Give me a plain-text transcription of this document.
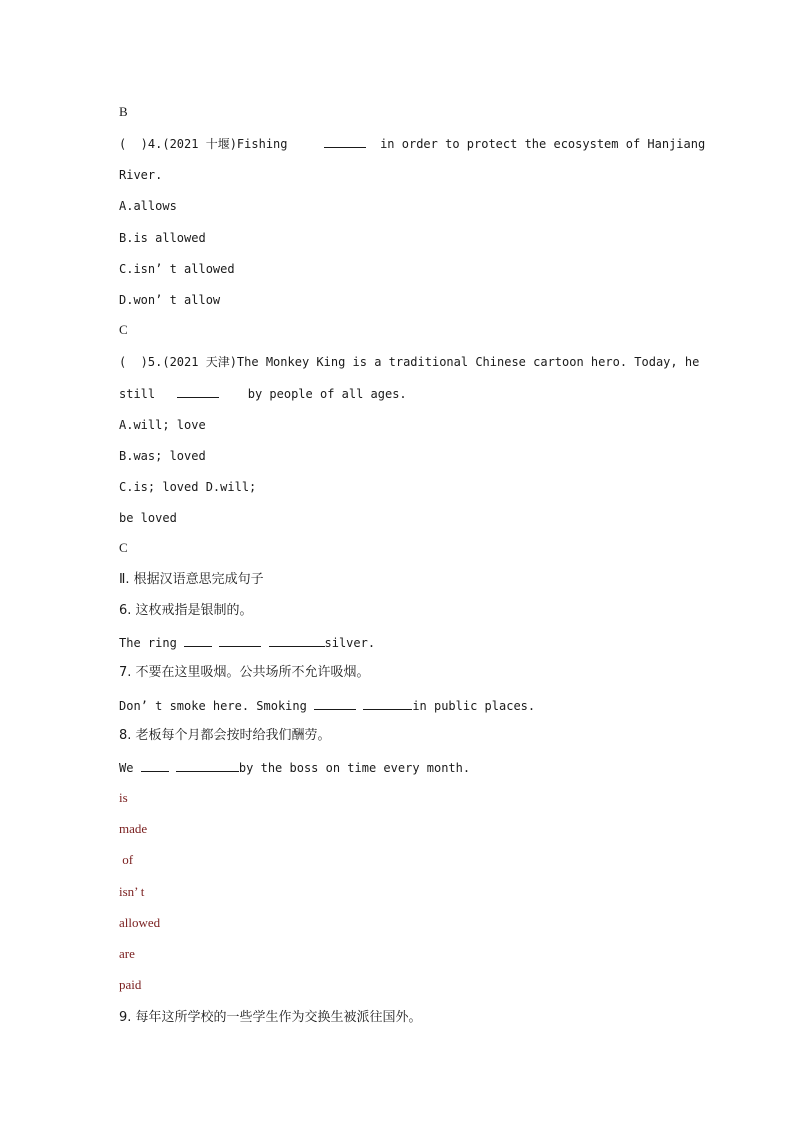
B
(  )4.(2021 十堰)Fishing	in order to protect the ecosystem of Hanjiang
River.
A.allows
B.is allowed
C.isn’ t allowed
D.won’ t allow
C
(  )5.(2021 天津)The Monkey King is a traditional Chinese cartoon hero. Today, he
still	by people of all ages.
A.will; love
B.was; loved
C.is; loved D.will;
be loved
C
Ⅱ. 根据汉语意思完成句子
6. 这枚戒指是银制的。
The ring	silver.
7. 不要在这里吸烟。公共场所不允许吸烟。
Don’ t smoke here. Smoking	in public places.
8. 老板每个月都会按时给我们酬劳。
We	by the boss on time every month.
is
made
of
isn’ t
allowed
are
paid
9. 每年这所学校的一些学生作为交换生被派往国外。
